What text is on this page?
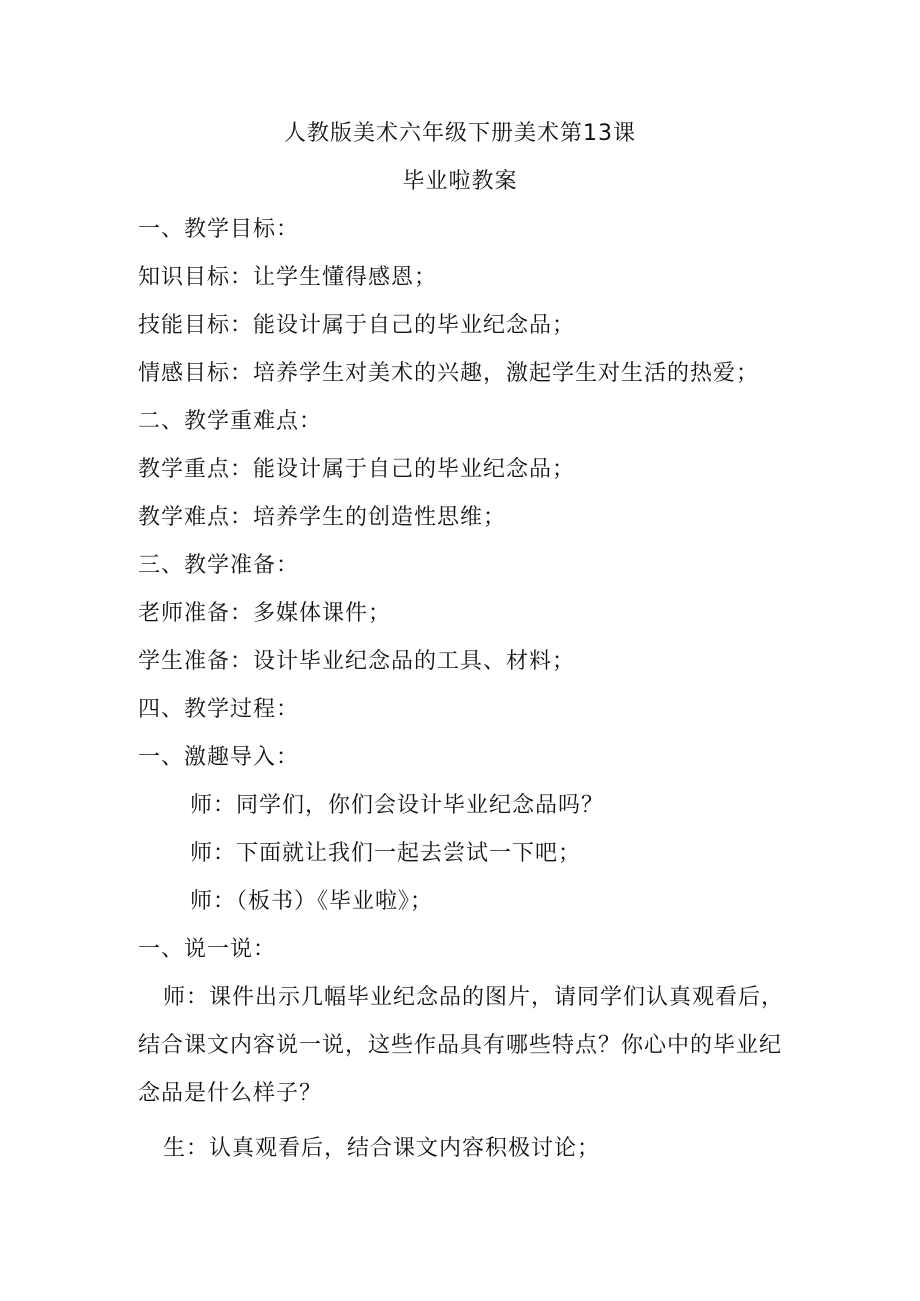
人教版美术六年级下册美术第13课
毕业啦教案
一、教学目标：
知识目标：让学生懂得感恩；
技能目标：能设计属于自己的毕业纪念品；
情感目标：培养学生对美术的兴趣，激起学生对生活的热爱；
二、教学重难点：
教学重点：能设计属于自己的毕业纪念品；
教学难点：培养学生的创造性思维；
三、教学准备：
老师准备：多媒体课件；
学生准备：设计毕业纪念品的工具、材料；
四、教学过程：
一、激趣导入：
师：同学们，你们会设计毕业纪念品吗？
师：下面就让我们一起去尝试一下吧；
师：（板书）《毕业啦》；
一、说一说：
师：课件出示几幅毕业纪念品的图片，请同学们认真观看后，
结合课文内容说一说，这些作品具有哪些特点？你心中的毕业纪
念品是什么样子？
生：认真观看后，结合课文内容积极讨论；
